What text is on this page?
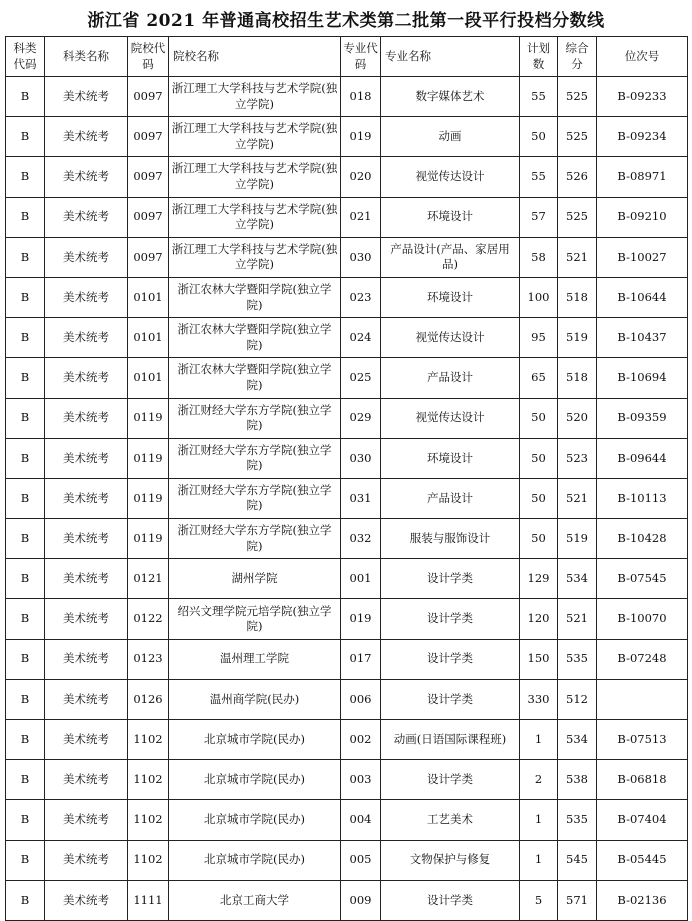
浙江省 2021 年普通高校招生艺术类第二批第一段平行投档分数线
科类代码	科类名称	院校代码	院校名称	专业代码	专业名称	计划数	综合分	位次号
B	美术统考	0097	浙江理工大学科技与艺术学院(独立学院)	018	数字媒体艺术	55	525	B-09233
B	美术统考	0097	浙江理工大学科技与艺术学院(独立学院)	019	动画	50	525	B-09234
B	美术统考	0097	浙江理工大学科技与艺术学院(独立学院)	020	视觉传达设计	55	526	B-08971
B	美术统考	0097	浙江理工大学科技与艺术学院(独立学院)	021	环境设计	57	525	B-09210
B	美术统考	0097	浙江理工大学科技与艺术学院(独立学院)	030	产品设计(产品、家居用品)	58	521	B-10027
B	美术统考	0101	浙江农林大学暨阳学院(独立学院)	023	环境设计	100	518	B-10644
B	美术统考	0101	浙江农林大学暨阳学院(独立学院)	024	视觉传达设计	95	519	B-10437
B	美术统考	0101	浙江农林大学暨阳学院(独立学院)	025	产品设计	65	518	B-10694
B	美术统考	0119	浙江财经大学东方学院(独立学院)	029	视觉传达设计	50	520	B-09359
B	美术统考	0119	浙江财经大学东方学院(独立学院)	030	环境设计	50	523	B-09644
B	美术统考	0119	浙江财经大学东方学院(独立学院)	031	产品设计	50	521	B-10113
B	美术统考	0119	浙江财经大学东方学院(独立学院)	032	服装与服饰设计	50	519	B-10428
B	美术统考	0121	湖州学院	001	设计学类	129	534	B-07545
B	美术统考	0122	绍兴文理学院元培学院(独立学院)	019	设计学类	120	521	B-10070
B	美术统考	0123	温州理工学院	017	设计学类	150	535	B-07248
B	美术统考	0126	温州商学院(民办)	006	设计学类	330	512	
B	美术统考	1102	北京城市学院(民办)	002	动画(日语国际课程班)	1	534	B-07513
B	美术统考	1102	北京城市学院(民办)	003	设计学类	2	538	B-06818
B	美术统考	1102	北京城市学院(民办)	004	工艺美术	1	535	B-07404
B	美术统考	1102	北京城市学院(民办)	005	文物保护与修复	1	545	B-05445
B	美术统考	1111	北京工商大学	009	设计学类	5	571	B-02136
